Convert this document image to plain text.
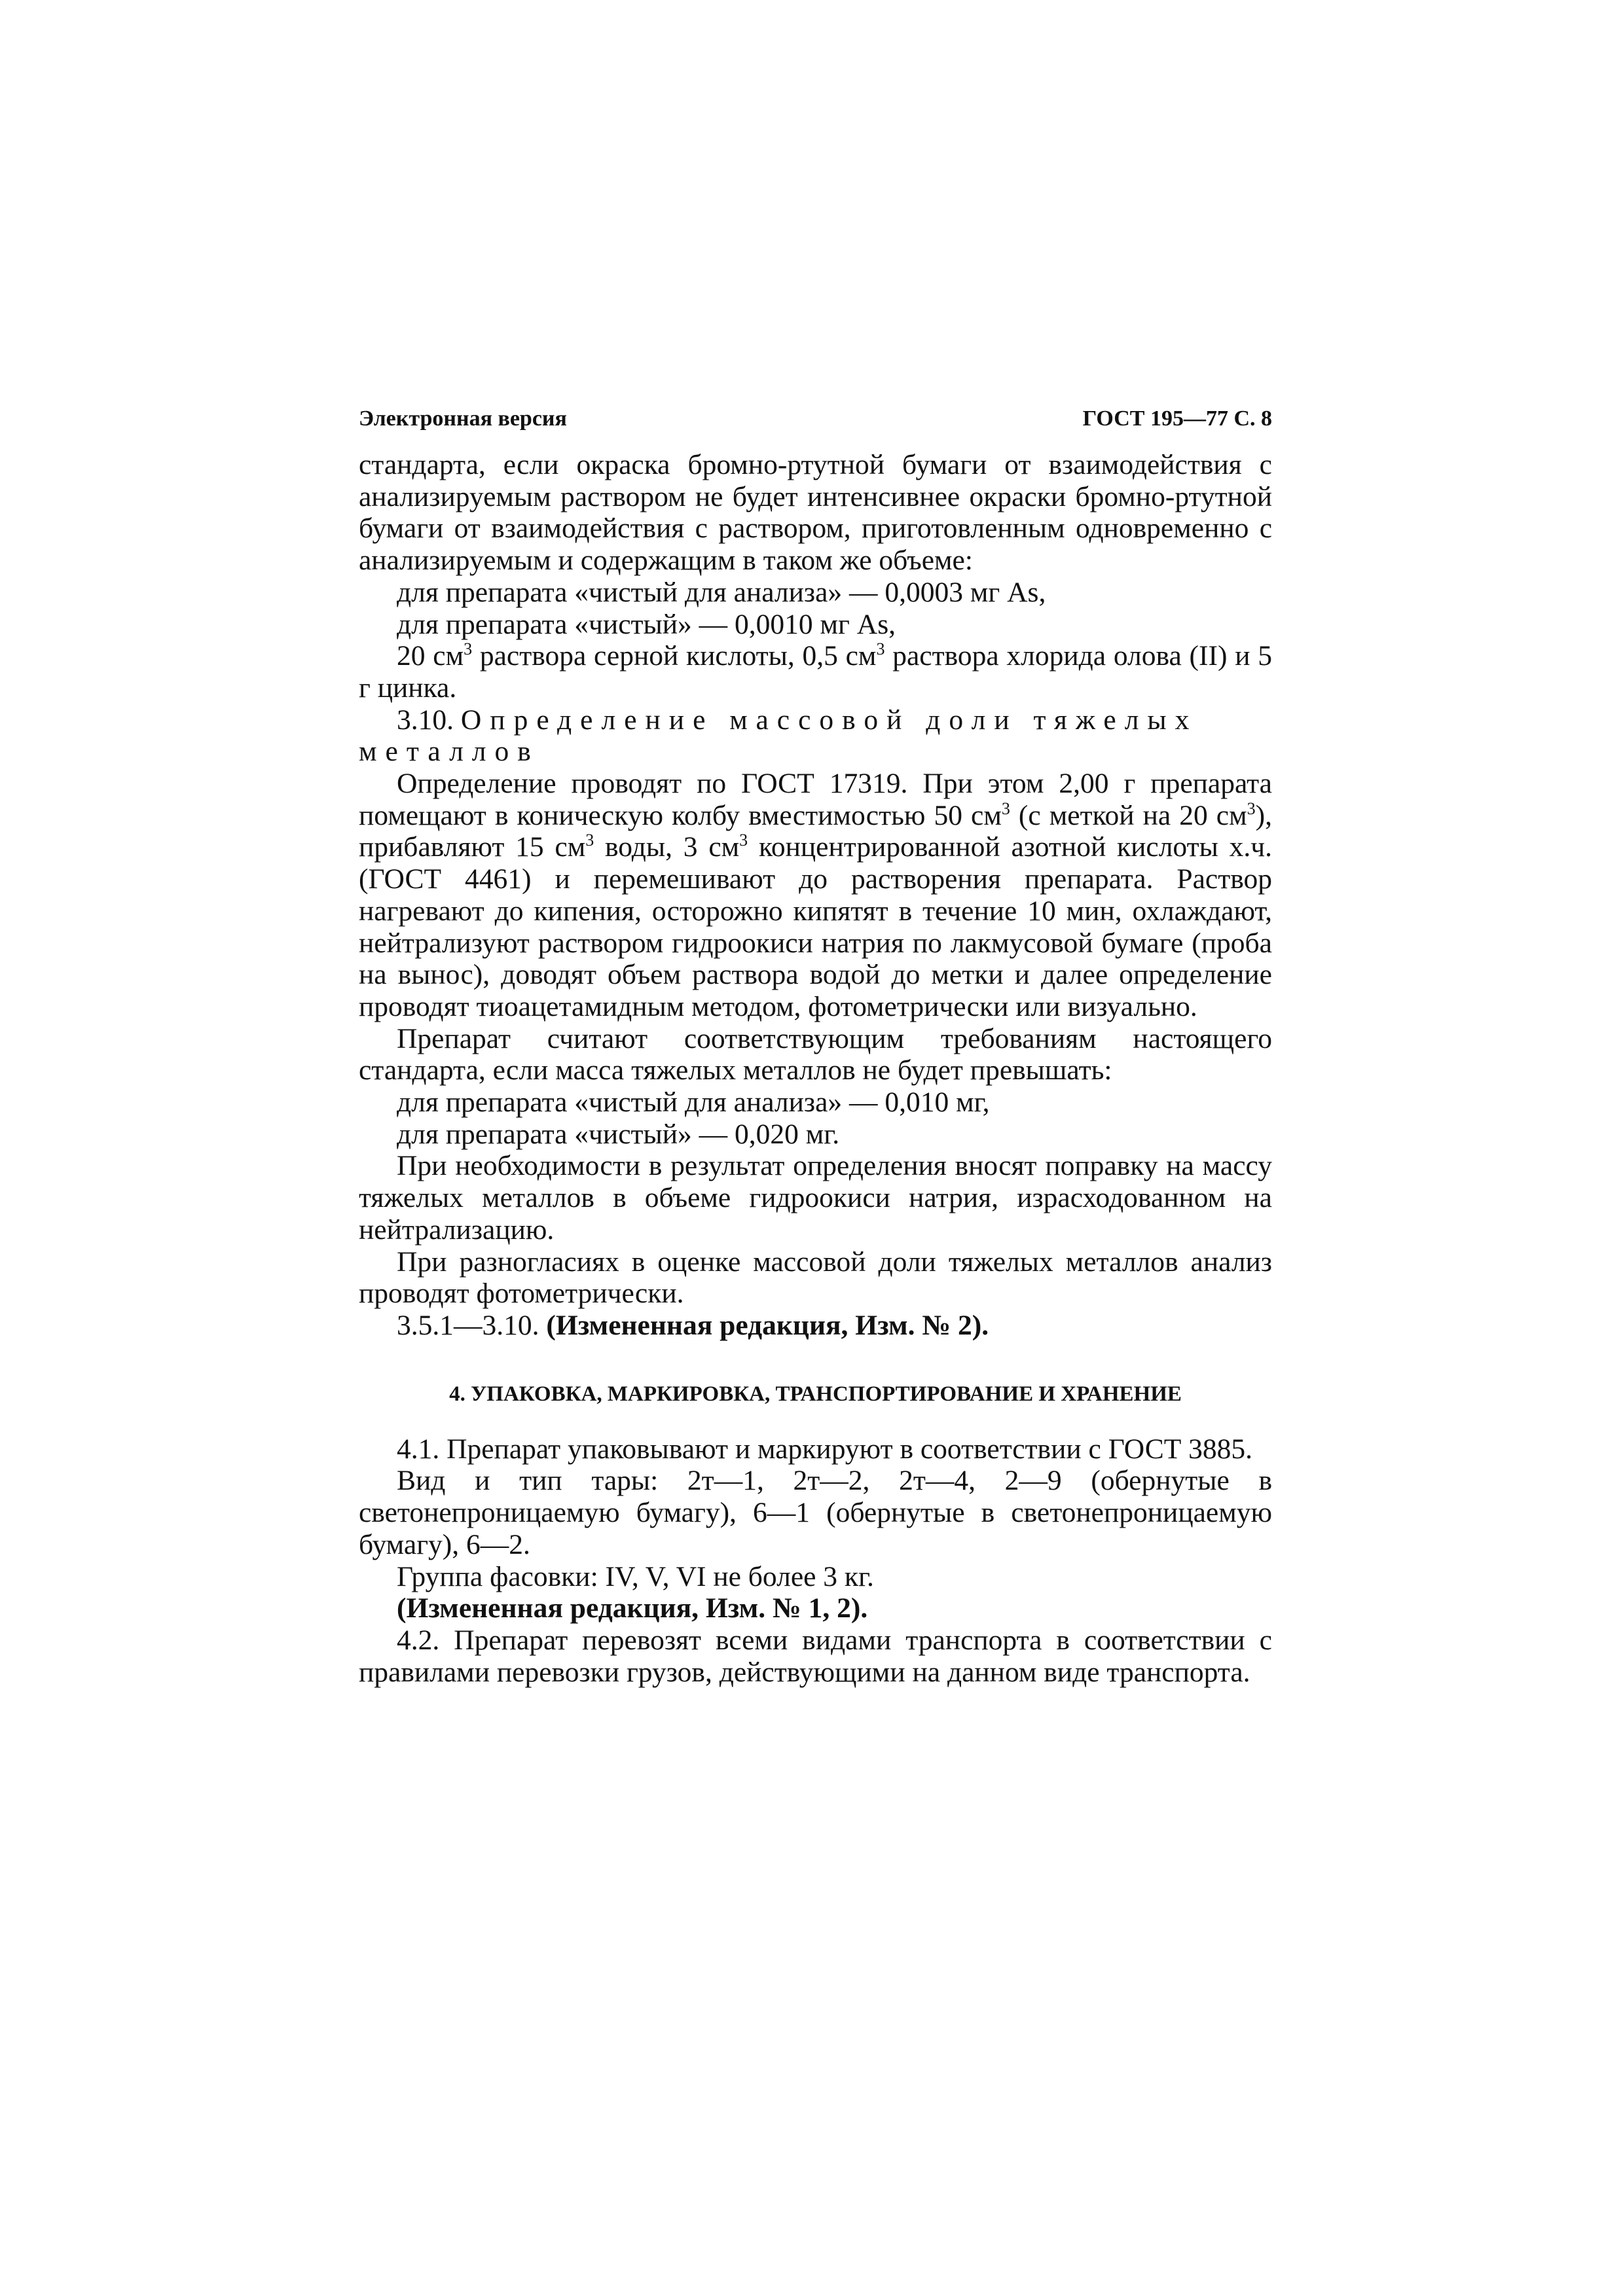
Электронная версия	ГОСТ 195—77 С. 8

стандарта, если окраска бромно-ртутной бумаги от взаимодействия с анализируемым раствором не будет интенсивнее окраски бромно-ртутной бумаги от взаимодействия с раствором, приготовленным одновременно с анализируемым и содержащим в таком же объеме:

для препарата «чистый для анализа» — 0,0003 мг As,

для препарата «чистый» — 0,0010 мг As,

20 $см^3$ раствора серной кислоты, 0,5 $см^3$ раствора хлорида олова (II) и 5 г цинка.

3.10. Определение массовой доли тяжелых металлов

Определение проводят по ГОСТ 17319. При этом 2,00 г препарата помещают в коническую колбу вместимостью 50 $см^3$ (с меткой на 20 $см^3$), прибавляют 15 $см^3$ воды, 3 $см^3$ концентрированной азотной кислоты х.ч. (ГОСТ 4461) и перемешивают до растворения препарата. Раствор нагревают до кипения, осторожно кипятят в течение 10 мин, охлаждают, нейтрализуют раствором гидроокиси натрия по лакмусовой бумаге (проба на вынос), доводят объем раствора водой до метки и далее определение проводят тиоацетамидным методом, фотометрически или визуально.

Препарат считают соответствующим требованиям настоящего стандарта, если масса тяжелых металлов не будет превышать:

для препарата «чистый для анализа» — 0,010 мг,

для препарата «чистый» — 0,020 мг.

При необходимости в результат определения вносят поправку на массу тяжелых металлов в объеме гидроокиси натрия, израсходованном на нейтрализацию.

При разногласиях в оценке массовой доли тяжелых металлов анализ проводят фотометрически.

3.5.1—3.10. (Измененная редакция, Изм. № 2).

4. УПАКОВКА, МАРКИРОВКА, ТРАНСПОРТИРОВАНИЕ И ХРАНЕНИЕ

4.1. Препарат упаковывают и маркируют в соответствии с ГОСТ 3885.

Вид и тип тары: 2т—1, 2т—2, 2т—4, 2—9 (обернутые в светонепроницаемую бумагу), 6—1 (обернутые в светонепроницаемую бумагу), 6—2.

Группа фасовки: IV, V, VI не более 3 кг.

(Измененная редакция, Изм. № 1, 2).

4.2. Препарат перевозят всеми видами транспорта в соответствии с правилами перевозки грузов, действующими на данном виде транспорта.
